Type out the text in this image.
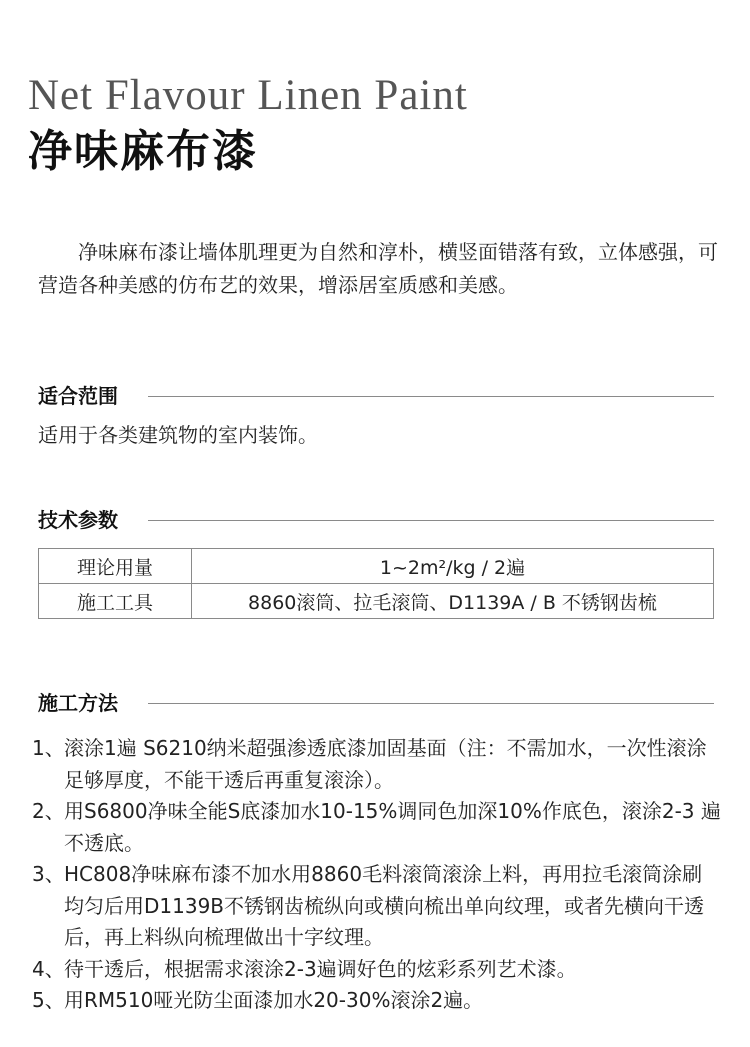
Net Flavour Linen Paint
净味麻布漆

净味麻布漆让墙体肌理更为自然和淳朴，横竖面错落有致，立体感强，可营造各种美感的仿布艺的效果，增添居室质感和美感。

适合范围
适用于各类建筑物的室内装饰。
技术参数
理论用量	1~2m²/kg / 2遍
施工工具	8860滚筒、拉毛滚筒、D1139A / B 不锈钢齿梳
施工方法
1、 滚涂1遍 S6210纳米超强渗透底漆加固基面（注：不需加水，一次性滚涂足够厚度，不能干透后再重复滚涂）。
2、 用S6800净味全能S底漆加水10-15%调同色加深10%作底色，滚涂2-3 遍不透底。
3、 HC808净味麻布漆不加水用8860毛料滚筒滚涂上料，再用拉毛滚筒涂刷均匀后用D1139B不锈钢齿梳纵向或横向梳出单向纹理，或者先横向干透后，再上料纵向梳理做出十字纹理。
4、 待干透后，根据需求滚涂2-3遍调好色的炫彩系列艺术漆。
5、 用RM510哑光防尘面漆加水20-30%滚涂2遍。
